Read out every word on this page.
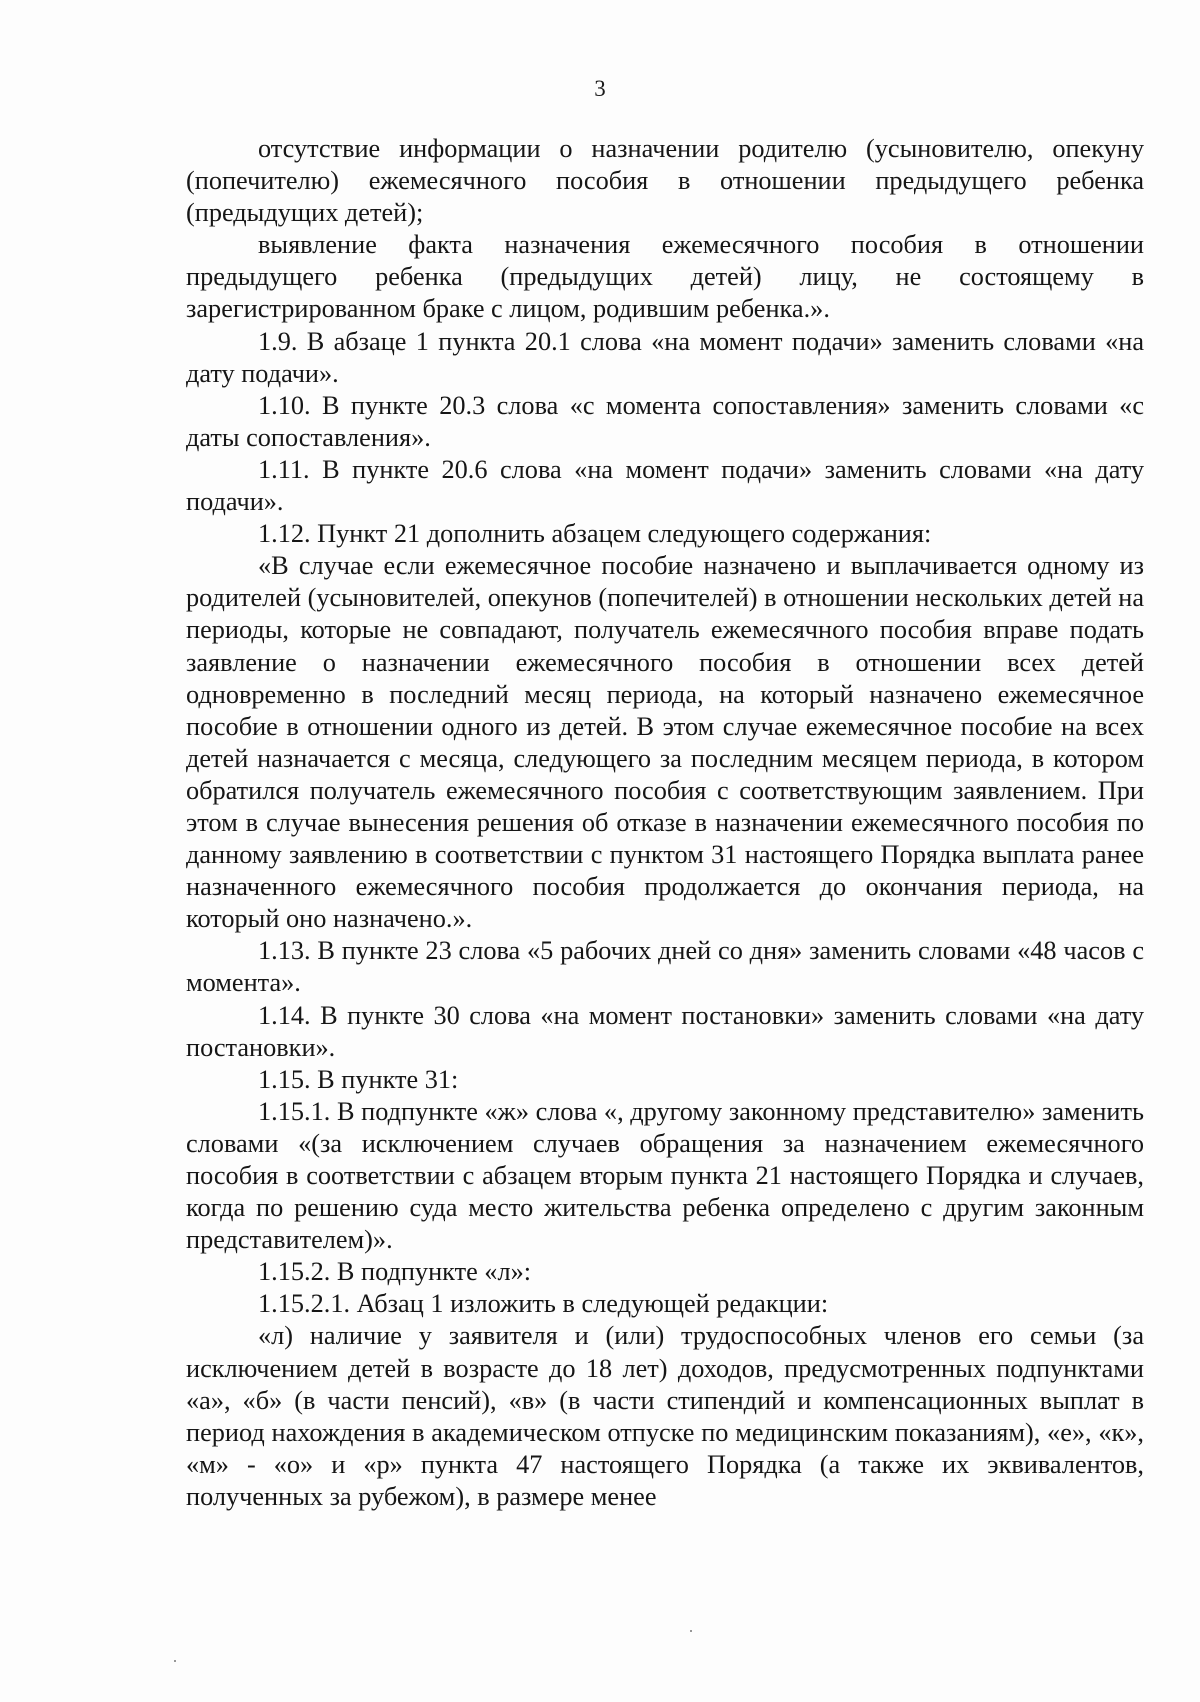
3

отсутствие информации о назначении родителю (усыновителю, опекуну (попечителю) ежемесячного пособия в отношении предыдущего ребенка (предыдущих детей);

выявление факта назначения ежемесячного пособия в отношении предыдущего ребенка (предыдущих детей) лицу, не состоящему в зарегистрированном браке с лицом, родившим ребенка.».

1.9. В абзаце 1 пункта 20.1 слова «на момент подачи» заменить словами «на дату подачи».

1.10. В пункте 20.3 слова «с момента сопоставления» заменить словами «с даты сопоставления».

1.11. В пункте 20.6 слова «на момент подачи» заменить словами «на дату подачи».

1.12. Пункт 21 дополнить абзацем следующего содержания:

«В случае если ежемесячное пособие назначено и выплачивается одному из родителей (усыновителей, опекунов (попечителей) в отношении нескольких детей на периоды, которые не совпадают, получатель ежемесячного пособия вправе подать заявление о назначении ежемесячного пособия в отношении всех детей одновременно в последний месяц периода, на который назначено ежемесячное пособие в отношении одного из детей. В этом случае ежемесячное пособие на всех детей назначается с месяца, следующего за последним месяцем периода, в котором обратился получатель ежемесячного пособия с соответствующим заявлением. При этом в случае вынесения решения об отказе в назначении ежемесячного пособия по данному заявлению в соответствии с пунктом 31 настоящего Порядка выплата ранее назначенного ежемесячного пособия продолжается до окончания периода, на который оно назначено.».

1.13. В пункте 23 слова «5 рабочих дней со дня» заменить словами «48 часов с момента».

1.14. В пункте 30 слова «на момент постановки» заменить словами «на дату постановки».

1.15. В пункте 31:

1.15.1. В подпункте «ж» слова «, другому законному представителю» заменить словами «(за исключением случаев обращения за назначением ежемесячного пособия в соответствии с абзацем вторым пункта 21 настоящего Порядка и случаев, когда по решению суда место жительства ребенка определено с другим законным представителем)».

1.15.2. В подпункте «л»:

1.15.2.1. Абзац 1 изложить в следующей редакции:

«л) наличие у заявителя и (или) трудоспособных членов его семьи (за исключением детей в возрасте до 18 лет) доходов, предусмотренных подпунктами «а», «б» (в части пенсий), «в» (в части стипендий и компенсационных выплат в период нахождения в академическом отпуске по медицинским показаниям), «е», «к», «м» - «о» и «р» пункта 47 настоящего Порядка (а также их эквивалентов, полученных за рубежом), в размере менее
